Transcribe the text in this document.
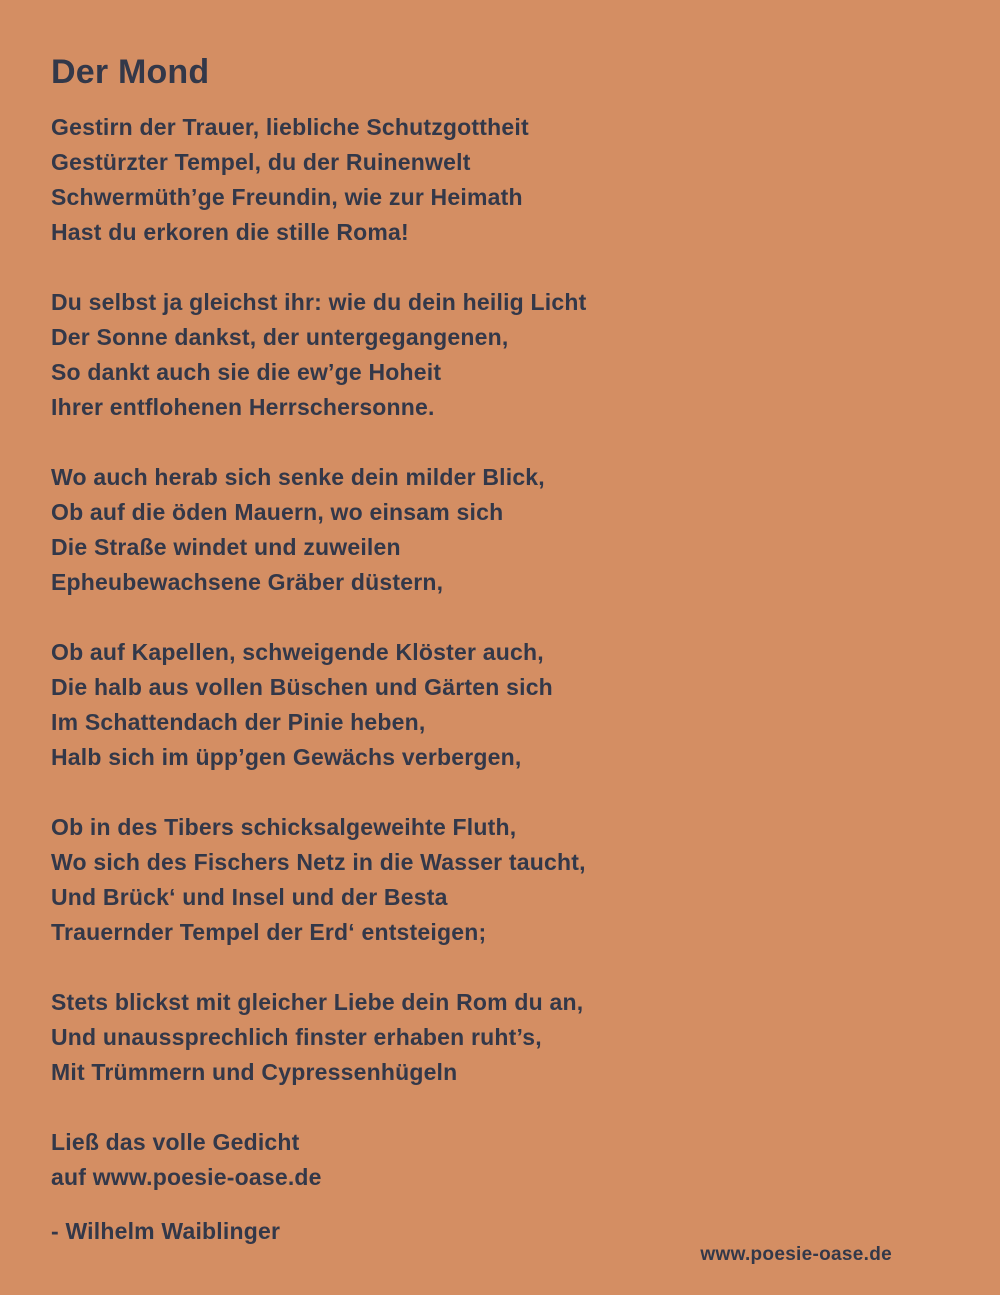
Der Mond
Gestirn der Trauer, liebliche Schutzgottheit
Gestürzter Tempel, du der Ruinenwelt
Schwermüth’ge Freundin, wie zur Heimath
Hast du erkoren die stille Roma!
Du selbst ja gleichst ihr: wie du dein heilig Licht
Der Sonne dankst, der untergegangenen,
So dankt auch sie die ew’ge Hoheit
Ihrer entflohenen Herrschersonne.
Wo auch herab sich senke dein milder Blick,
Ob auf die öden Mauern, wo einsam sich
Die Straße windet und zuweilen
Epheubewachsene Gräber düstern,
Ob auf Kapellen, schweigende Klöster auch,
Die halb aus vollen Büschen und Gärten sich
Im Schattendach der Pinie heben,
Halb sich im üpp’gen Gewächs verbergen,
Ob in des Tibers schicksalgeweihte Fluth,
Wo sich des Fischers Netz in die Wasser taucht,
Und Brück‘ und Insel und der Besta
Trauernder Tempel der Erd‘ entsteigen;
Stets blickst mit gleicher Liebe dein Rom du an,
Und unaussprechlich finster erhaben ruht’s,
Mit Trümmern und Cypressenhügeln
Ließ das volle Gedicht
auf www.poesie-oase.de
- Wilhelm Waiblinger
www.poesie-oase.de
